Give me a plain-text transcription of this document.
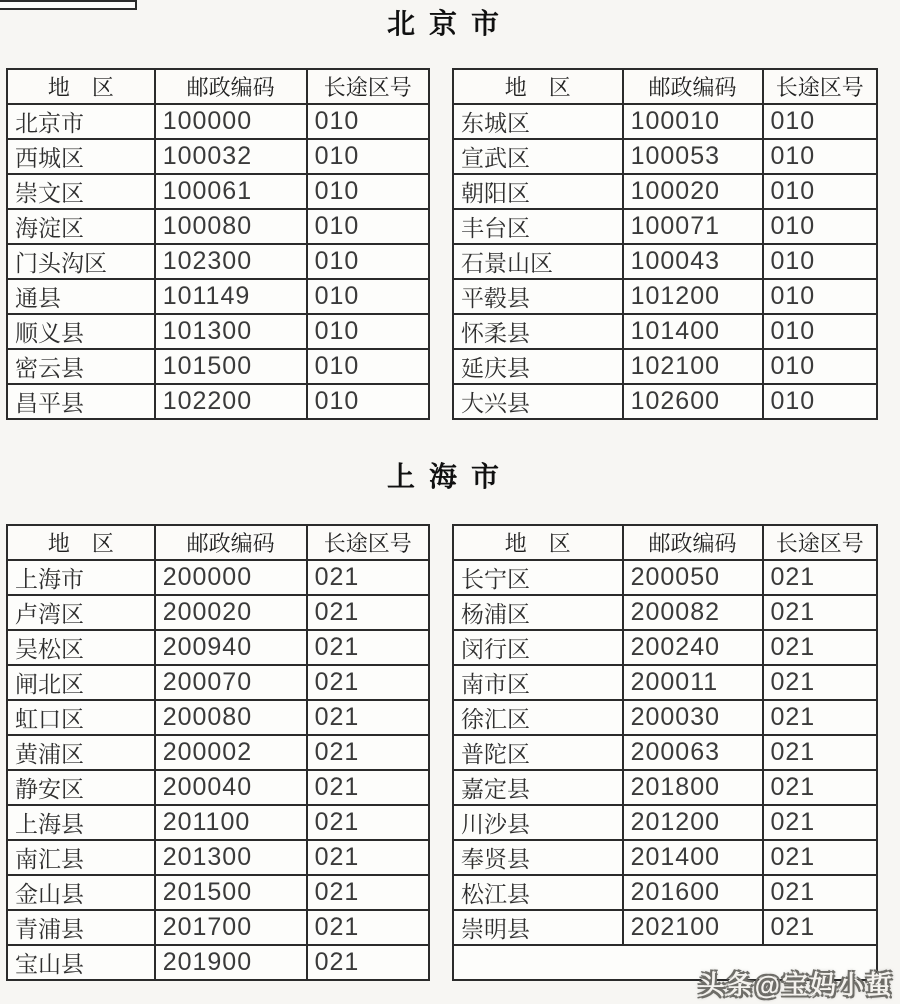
北京市
地　区	邮政编码	长途区号
北京市	100000	010
西城区	100032	010
崇文区	100061	010
海淀区	100080	010
门头沟区	102300	010
通县	101149	010
顺义县	101300	010
密云县	101500	010
昌平县	102200	010
地　区	邮政编码	长途区号
东城区	100010	010
宣武区	100053	010
朝阳区	100020	010
丰台区	100071	010
石景山区	100043	010
平毂县	101200	010
怀柔县	101400	010
延庆县	102100	010
大兴县	102600	010
上海市
地　区	邮政编码	长途区号
上海市	200000	021
卢湾区	200020	021
吴松区	200940	021
闸北区	200070	021
虹口区	200080	021
黄浦区	200002	021
静安区	200040	021
上海县	201100	021
南汇县	201300	021
金山县	201500	021
青浦县	201700	021
宝山县	201900	021
地　区	邮政编码	长途区号
长宁区	200050	021
杨浦区	200082	021
闵行区	200240	021
南市区	200011	021
徐汇区	200030	021
普陀区	200063	021
嘉定县	201800	021
川沙县	201200	021
奉贤县	201400	021
松江县	201600	021
崇明县	202100	021

头条@宝妈小蜇
